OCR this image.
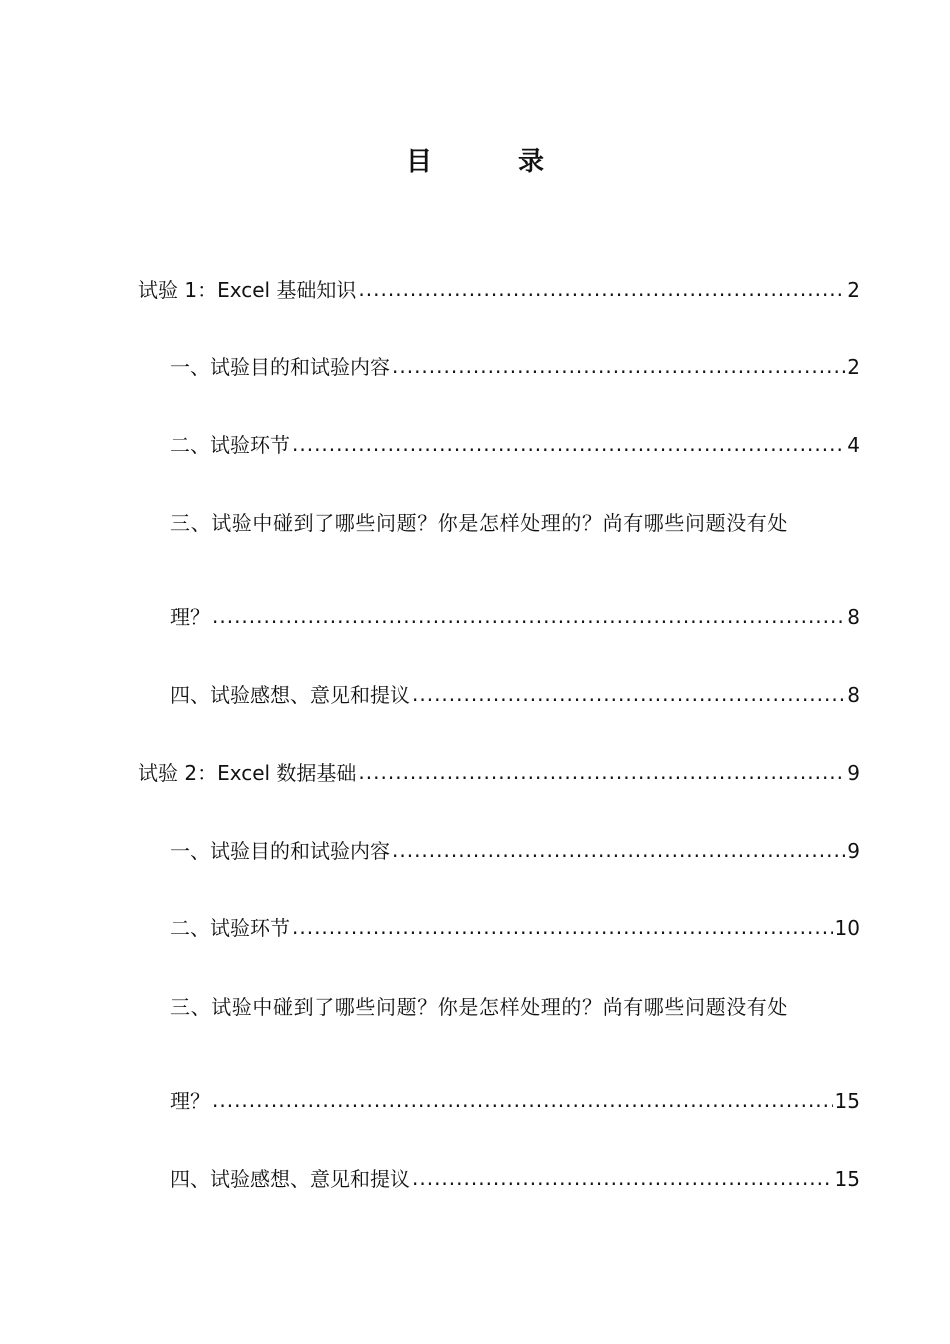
目　录
试验 1：Excel 基础知识 .....	2
一、试验目的和试验内容 .....	2
二、试验环节 .....	4
三、试验中碰到了哪些问题？你是怎样处理的？尚有哪些问题没有处
理？ .....	8
四、试验感想、意见和提议 .....	8
试验 2：Excel 数据基础 .....	9
一、试验目的和试验内容 .....	9
二、试验环节 .....	10
三、试验中碰到了哪些问题？你是怎样处理的？尚有哪些问题没有处
理？ .....	15
四、试验感想、意见和提议 .....	15
